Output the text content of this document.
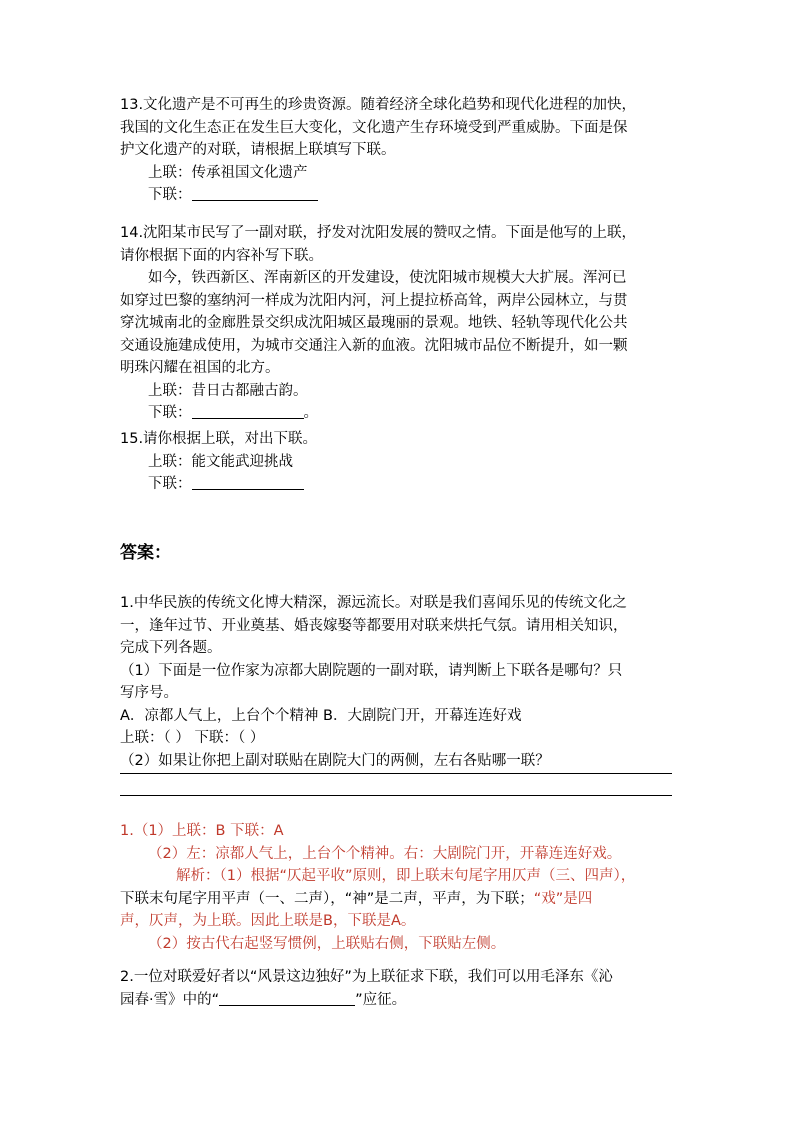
13.文化遗产是不可再生的珍贵资源。随着经济全球化趋势和现代化进程的加快，

我国的文化生态正在发生巨大变化，文化遗产生存环境受到严重威胁。下面是保

护文化遗产的对联，请根据上联填写下联。

上联：传承祖国文化遗产

下联：

14.沈阳某市民写了一副对联，抒发对沈阳发展的赞叹之情。下面是他写的上联，

请你根据下面的内容补写下联。

如今，铁西新区、浑南新区的开发建设，使沈阳城市规模大大扩展。浑河已

如穿过巴黎的塞纳河一样成为沈阳内河，河上提拉桥高耸，两岸公园林立，与贯

穿沈城南北的金廊胜景交织成沈阳城区最瑰丽的景观。地铁、轻轨等现代化公共

交通设施建成使用，为城市交通注入新的血液。沈阳城市品位不断提升，如一颗

明珠闪耀在祖国的北方。

上联：昔日古都融古韵。

下联：	。

15.请你根据上联，对出下联。

上联：能文能武迎挑战

下联：

答案：

1.中华民族的传统文化博大精深，源远流长。对联是我们喜闻乐见的传统文化之

一，逢年过节、开业奠基、婚丧嫁娶等都要用对联来烘托气氛。请用相关知识，

完成下列各题。

（1）下面是一位作家为凉都大剧院题的一副对联，请判断上下联各是哪句？只

写序号。

A．凉都人气上，上台个个精神 B．大剧院门开，开幕连连好戏

上联：（ ） 下联：（ ）

（2）如果让你把上副对联贴在剧院大门的两侧，左右各贴哪一联？

1.（1）上联：B 下联：A

（2）左：凉都人气上，上台个个精神。右：大剧院门开，开幕连连好戏。

解析：（1）根据“仄起平收”原则，即上联末句尾字用仄声（三、四声），

下联末句尾字用平声（一、二声），“神”是二声，平声，为下联；“戏”是四

声，仄声，为上联。因此上联是B，下联是A。

（2）按古代右起竖写惯例，上联贴右侧，下联贴左侧。

2.一位对联爱好者以“风景这边独好”为上联征求下联，我们可以用毛泽东《沁

园春·雪》中的“	”应征。
